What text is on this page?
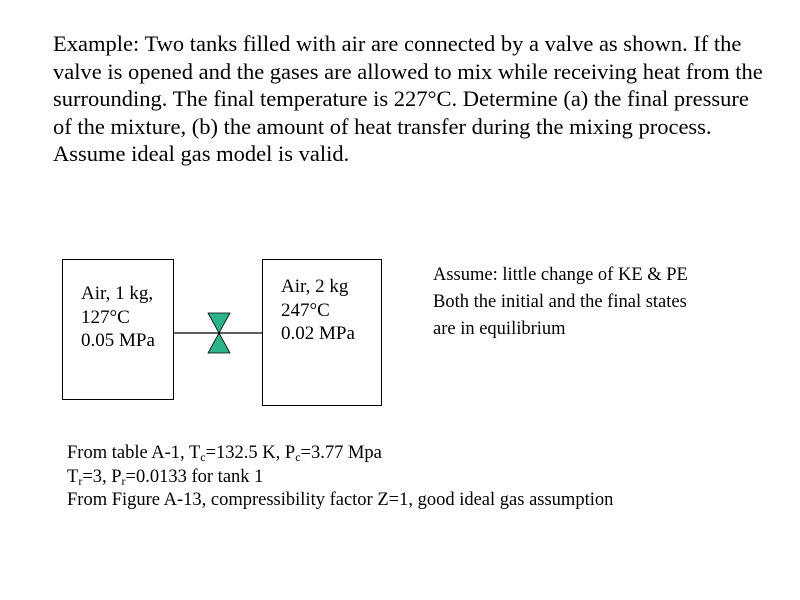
Example: Two tanks filled with air are connected by a valve as shown. If the valve is opened and the gases are allowed to mix while receiving heat from the surrounding. The final temperature is 227°C. Determine (a) the final pressure of the mixture, (b) the amount of heat transfer during the mixing process. Assume ideal gas model is valid.

Air, 1 kg,
127°C
0.05 MPa
Air, 2 kg
247°C
0.02 MPa
Assume: little change of KE & PE
Both the initial and the final states
are in equilibrium
From table A-1, $T_c=132.5$ K, $P_c=3.77$ Mpa
$T_r=3$, $P_r=0.0133$ for tank 1
From Figure A-13, compressibility factor Z=1, good ideal gas assumption
